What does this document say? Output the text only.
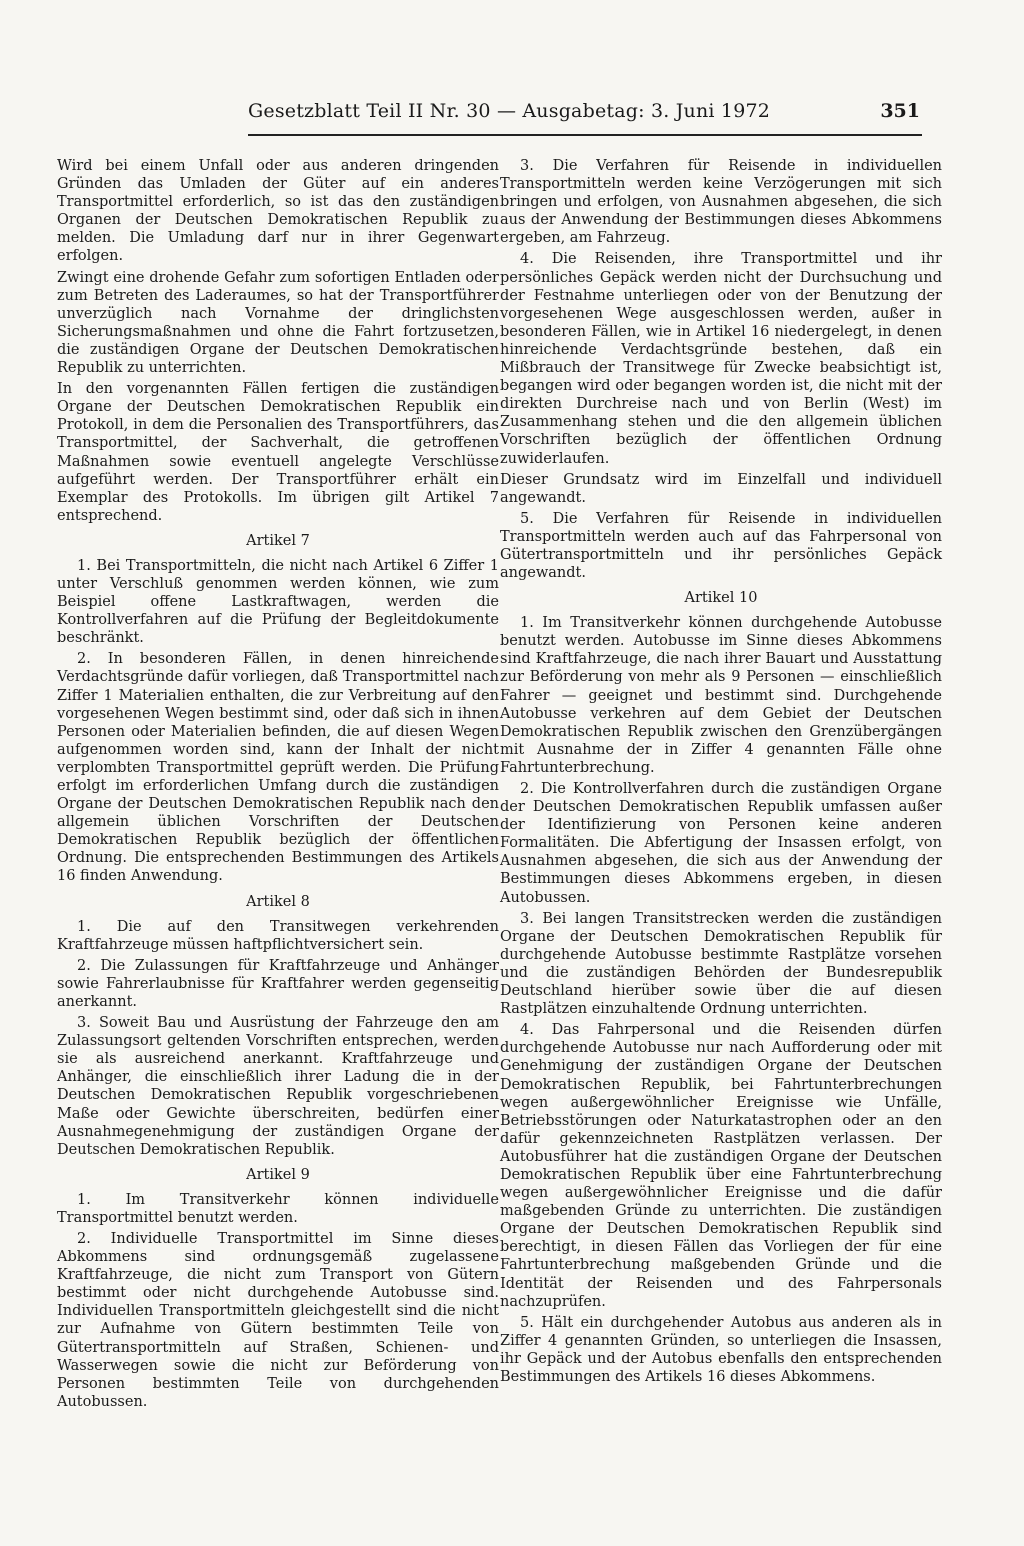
Gesetzblatt Teil II Nr. 30 — Ausgabetag: 3. Juni 1972	351

Wird bei einem Unfall oder aus anderen dringenden Gründen das Umladen der Güter auf ein anderes Transportmittel erforderlich, so ist das den zuständigen Organen der Deutschen Demokratischen Republik zu melden. Die Umladung darf nur in ihrer Gegenwart erfolgen.

Zwingt eine drohende Gefahr zum sofortigen Entladen oder zum Betreten des Laderaumes, so hat der Transportführer unverzüglich nach Vornahme der dringlichsten Sicherungsmaßnahmen und ohne die Fahrt fortzusetzen, die zuständigen Organe der Deutschen Demokratischen Republik zu unterrichten.

In den vorgenannten Fällen fertigen die zuständigen Organe der Deutschen Demokratischen Republik ein Protokoll, in dem die Personalien des Transportführers, das Transportmittel, der Sachverhalt, die getroffenen Maßnahmen sowie eventuell angelegte Verschlüsse aufgeführt werden. Der Transportführer erhält ein Exemplar des Protokolls. Im übrigen gilt Artikel 7 entsprechend.

Artikel 7

1. Bei Transportmitteln, die nicht nach Artikel 6 Ziffer 1 unter Verschluß genommen werden können, wie zum Beispiel offene Lastkraftwagen, werden die Kontrollverfahren auf die Prüfung der Begleitdokumente beschränkt.

2. In besonderen Fällen, in denen hinreichende Verdachtsgründe dafür vorliegen, daß Transportmittel nach Ziffer 1 Materialien enthalten, die zur Verbreitung auf den vorgesehenen Wegen bestimmt sind, oder daß sich in ihnen Personen oder Materialien befinden, die auf diesen Wegen aufgenommen worden sind, kann der Inhalt der nicht verplombten Transportmittel geprüft werden. Die Prüfung erfolgt im erforderlichen Umfang durch die zuständigen Organe der Deutschen Demokratischen Republik nach den allgemein üblichen Vorschriften der Deutschen Demokratischen Republik bezüglich der öffentlichen Ordnung. Die entsprechenden Bestimmungen des Artikels 16 finden Anwendung.

Artikel 8

1. Die auf den Transitwegen verkehrenden Kraftfahrzeuge müssen haftpflichtversichert sein.

2. Die Zulassungen für Kraftfahrzeuge und Anhänger sowie Fahrerlaubnisse für Kraftfahrer werden gegenseitig anerkannt.

3. Soweit Bau und Ausrüstung der Fahrzeuge den am Zulassungsort geltenden Vorschriften entsprechen, werden sie als ausreichend anerkannt. Kraftfahrzeuge und Anhänger, die einschließlich ihrer Ladung die in der Deutschen Demokratischen Republik vorgeschriebenen Maße oder Gewichte überschreiten, bedürfen einer Ausnahmegenehmigung der zuständigen Organe der Deutschen Demokratischen Republik.

Artikel 9

1. Im Transitverkehr können individuelle Transportmittel benutzt werden.

2. Individuelle Transportmittel im Sinne dieses Abkommens sind ordnungsgemäß zugelassene Kraftfahrzeuge, die nicht zum Transport von Gütern bestimmt oder nicht durchgehende Autobusse sind. Individuellen Transportmitteln gleichgestellt sind die nicht zur Aufnahme von Gütern bestimmten Teile von Gütertransportmitteln auf Straßen, Schienen- und Wasserwegen sowie die nicht zur Beförderung von Personen bestimmten Teile von durchgehenden Autobussen.

3. Die Verfahren für Reisende in individuellen Transportmitteln werden keine Verzögerungen mit sich bringen und erfolgen, von Ausnahmen abgesehen, die sich aus der Anwendung der Bestimmungen dieses Abkommens ergeben, am Fahrzeug.

4. Die Reisenden, ihre Transportmittel und ihr persönliches Gepäck werden nicht der Durchsuchung und der Festnahme unterliegen oder von der Benutzung der vorgesehenen Wege ausgeschlossen werden, außer in besonderen Fällen, wie in Artikel 16 niedergelegt, in denen hinreichende Verdachtsgründe bestehen, daß ein Mißbrauch der Transitwege für Zwecke beabsichtigt ist, begangen wird oder begangen worden ist, die nicht mit der direkten Durchreise nach und von Berlin (West) im Zusammenhang stehen und die den allgemein üblichen Vorschriften bezüglich der öffentlichen Ordnung zuwiderlaufen.

Dieser Grundsatz wird im Einzelfall und individuell angewandt.

5. Die Verfahren für Reisende in individuellen Transportmitteln werden auch auf das Fahrpersonal von Gütertransportmitteln und ihr persönliches Gepäck angewandt.

Artikel 10

1. Im Transitverkehr können durchgehende Autobusse benutzt werden. Autobusse im Sinne dieses Abkommens sind Kraftfahrzeuge, die nach ihrer Bauart und Ausstattung zur Beförderung von mehr als 9 Personen — einschließlich Fahrer — geeignet und bestimmt sind. Durchgehende Autobusse verkehren auf dem Gebiet der Deutschen Demokratischen Republik zwischen den Grenzübergängen mit Ausnahme der in Ziffer 4 genannten Fälle ohne Fahrtunterbrechung.

2. Die Kontrollverfahren durch die zuständigen Organe der Deutschen Demokratischen Republik umfassen außer der Identifizierung von Personen keine anderen Formalitäten. Die Abfertigung der Insassen erfolgt, von Ausnahmen abgesehen, die sich aus der Anwendung der Bestimmungen dieses Abkommens ergeben, in diesen Autobussen.

3. Bei langen Transitstrecken werden die zuständigen Organe der Deutschen Demokratischen Republik für durchgehende Autobusse bestimmte Rastplätze vorsehen und die zuständigen Behörden der Bundesrepublik Deutschland hierüber sowie über die auf diesen Rastplätzen einzuhaltende Ordnung unterrichten.

4. Das Fahrpersonal und die Reisenden dürfen durchgehende Autobusse nur nach Aufforderung oder mit Genehmigung der zuständigen Organe der Deutschen Demokratischen Republik, bei Fahrtunterbrechungen wegen außergewöhnlicher Ereignisse wie Unfälle, Betriebsstörungen oder Naturkatastrophen oder an den dafür gekennzeichneten Rastplätzen verlassen. Der Autobusführer hat die zuständigen Organe der Deutschen Demokratischen Republik über eine Fahrtunterbrechung wegen außergewöhnlicher Ereignisse und die dafür maßgebenden Gründe zu unterrichten. Die zuständigen Organe der Deutschen Demokratischen Republik sind berechtigt, in diesen Fällen das Vorliegen der für eine Fahrtunterbrechung maßgebenden Gründe und die Identität der Reisenden und des Fahrpersonals nachzuprüfen.

5. Hält ein durchgehender Autobus aus anderen als in Ziffer 4 genannten Gründen, so unterliegen die Insassen, ihr Gepäck und der Autobus ebenfalls den entsprechenden Bestimmungen des Artikels 16 dieses Abkommens.
